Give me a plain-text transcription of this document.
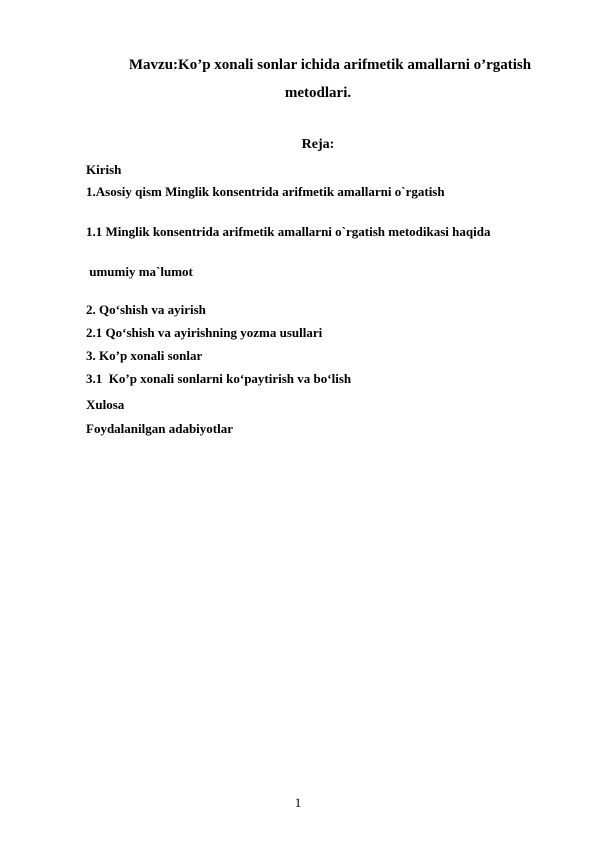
Mavzu:Ko’p xonali sonlar ichida arifmetik amallarni o’rgatish

metodlari.

Reja:

Kirish

1.Asosiy qism Minglik konsentrida arifmetik amallarni o`rgatish

1.1 Minglik konsentrida arifmetik amallarni o`rgatish metodikasi haqida

umumiy ma`lumot

2. Qo‘shish va ayirish

2.1 Qo‘shish va ayirishning yozma usullari

3. Ko’p xonali sonlar

3.1  Ko’p xonali sonlarni ko‘paytirish va bo‘lish

Xulosa

Foydalanilgan adabiyotlar

1
